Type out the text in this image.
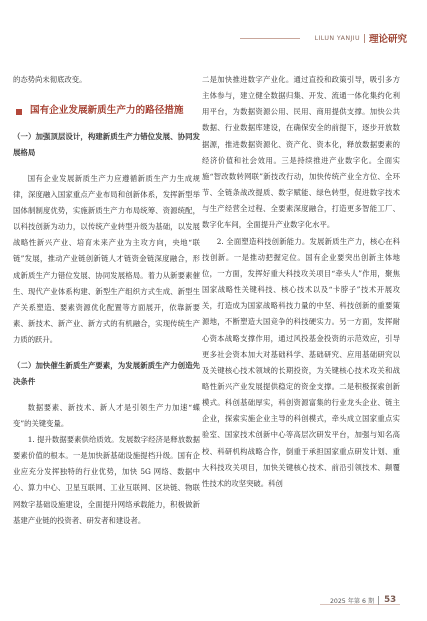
LILUN YANJIU 理论研究

的态势尚未彻底改变。

国有企业发展新质生产力的路径措施
（一）加强顶层设计，构建新质生产力错位发展、协同发展格局

国有企业发展新质生产力应遵循新质生产力生成规律，深度融入国家重点产业布局和创新体系，发挥新型举国体制制度优势，实施新质生产力布局统筹、资源统配，以科技创新为动力，以传统产业转型升级为基础，以发展战略性新兴产业、培育未来产业为主攻方向，央地“联链”发展，推动产业链创新链人才链资金链深度融合，形成新质生产力错位发展、协同发展格局。着力从新要素催生、现代产业体系构建、新型生产组织方式生成、新型生产关系塑造、要素资源优化配置等方面展开，依靠新要素、新技术、新产业、新方式的有机融合，实现传统生产力质的跃升。

（二）加快催生新质生产要素，为发展新质生产力创造先决条件

数据要素、新技术、新人才是引领生产力加速“蝶变”的关键变量。

1. 提升数据要素供给质效。发展数字经济是释放数据要素价值的根本。一是加快新基础设施提档升级。国有企业应充分发挥独特的行业优势，加快 5G 网络、数据中心、算力中心、卫星互联网、工业互联网、区块链、物联网数字基础设施建设，全面提升网络承载能力，积极做新基建产业链的投资者、研发者和建设者。

二是加快推进数字产业化。通过直投和政策引导，吸引多方主体参与，建立健全数据归集、开发、流通一体化集约化利用平台，为数据资源公用、民用、商用提供支撑。加快公共数据、行业数据库建设，在确保安全的前提下，逐步开放数据源，推进数据资源化、资产化、资本化，释放数据要素的经济价值和社会效用。三是持续推进产业数字化。全面实施“智改数转网联”新技改行动，加快传统产业全方位、全环节、全链条战改提质、数字赋能、绿色转型，促进数字技术与生产经营全过程、全要素深度融合，打造更多智能工厂、数字化车间，全面提升产业数字化水平。

2. 全面塑造科技创新能力。发展新质生产力，核心在科技创新。一是推动把握定位。国有企业要突出创新主体地位，一方面，发挥好重大科技攻关项目“牵头人”作用，聚焦国家战略性关键科技、核心技术以及“卡脖子”技术开展攻关，打造成为国家战略科技力量的中坚、科技创新的重要策源地，不断塑造大国竞争的科技硬实力。另一方面，发挥耐心资本战略支撑作用，通过风投基金投资的示范效应，引导更多社会资本加大对基础科学、基础研究、应用基础研究以及关键核心技术领域的长期投资，为关键核心技术攻关和战略性新兴产业发展提供稳定的资金支撑。二是积极探索创新模式。科创基础厚实，科创资源富集的行业龙头企业、链主企业，探索实施企业主导的科创模式，牵头成立国家重点实验室、国家技术创新中心等高层次研发平台，加强与知名高校、科研机构战略合作，倒重于承担国家重点研发计划、重大科技攻关项目，加快关键核心技术、前沿引领技术、颠覆性技术的攻坚突破。科创

2025 年第 6 期 53
